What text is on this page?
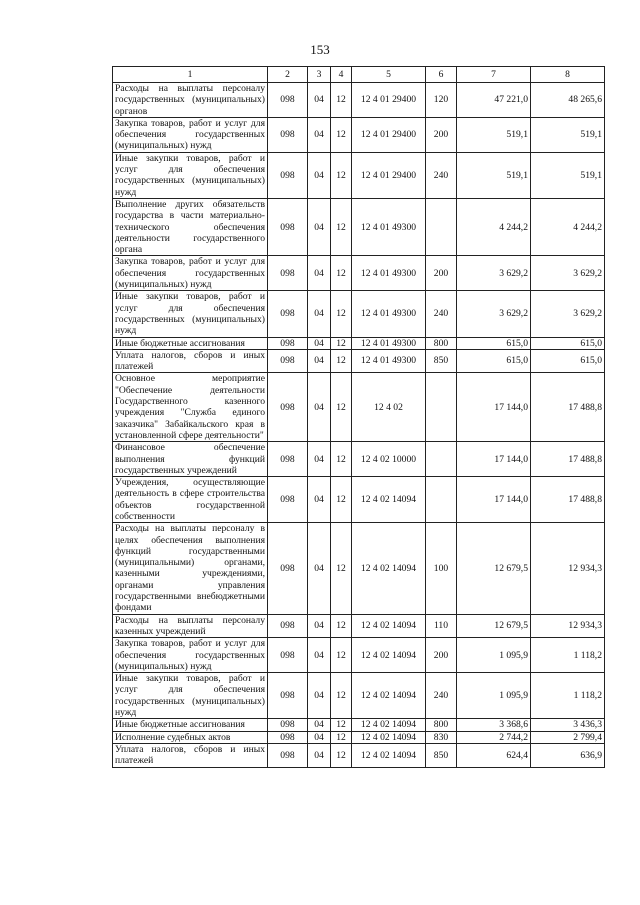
153
1	2	3	4	5	6	7	8
Расходы на выплаты персоналу государственных (муниципальных) органов	098	04	12	12 4 01 29400	120	47 221,0	48 265,6
Закупка товаров, работ и услуг для обеспечения государственных (муниципальных) нужд	098	04	12	12 4 01 29400	200	519,1	519,1
Иные закупки товаров, работ и услуг для обеспечения государственных (муниципальных) нужд	098	04	12	12 4 01 29400	240	519,1	519,1
Выполнение других обязательств государства в части материально-технического обеспечения деятельности государственного органа	098	04	12	12 4 01 49300		4 244,2	4 244,2
Закупка товаров, работ и услуг для обеспечения государственных (муниципальных) нужд	098	04	12	12 4 01 49300	200	3 629,2	3 629,2
Иные закупки товаров, работ и услуг для обеспечения государственных (муниципальных) нужд	098	04	12	12 4 01 49300	240	3 629,2	3 629,2
Иные бюджетные ассигнования	098	04	12	12 4 01 49300	800	615,0	615,0
Уплата налогов, сборов и иных платежей	098	04	12	12 4 01 49300	850	615,0	615,0
Основное мероприятие "Обеспечение деятельности Государственного казенного учреждения "Служба единого заказчика" Забайкальского края в установленной сфере деятельности"	098	04	12	12 4 02		17 144,0	17 488,8
Финансовое обеспечение выполнения функций государственных учреждений	098	04	12	12 4 02 10000		17 144,0	17 488,8
Учреждения, осуществляющие деятельность в сфере строительства объектов государственной собственности	098	04	12	12 4 02 14094		17 144,0	17 488,8
Расходы на выплаты персоналу в целях обеспечения выполнения функций государственными (муниципальными) органами, казенными учреждениями, органами управления государственными внебюджетными фондами	098	04	12	12 4 02 14094	100	12 679,5	12 934,3
Расходы на выплаты персоналу казенных учреждений	098	04	12	12 4 02 14094	110	12 679,5	12 934,3
Закупка товаров, работ и услуг для обеспечения государственных (муниципальных) нужд	098	04	12	12 4 02 14094	200	1 095,9	1 118,2
Иные закупки товаров, работ и услуг для обеспечения государственных (муниципальных) нужд	098	04	12	12 4 02 14094	240	1 095,9	1 118,2
Иные бюджетные ассигнования	098	04	12	12 4 02 14094	800	3 368,6	3 436,3
Исполнение судебных актов	098	04	12	12 4 02 14094	830	2 744,2	2 799,4
Уплата налогов, сборов и иных платежей	098	04	12	12 4 02 14094	850	624,4	636,9
